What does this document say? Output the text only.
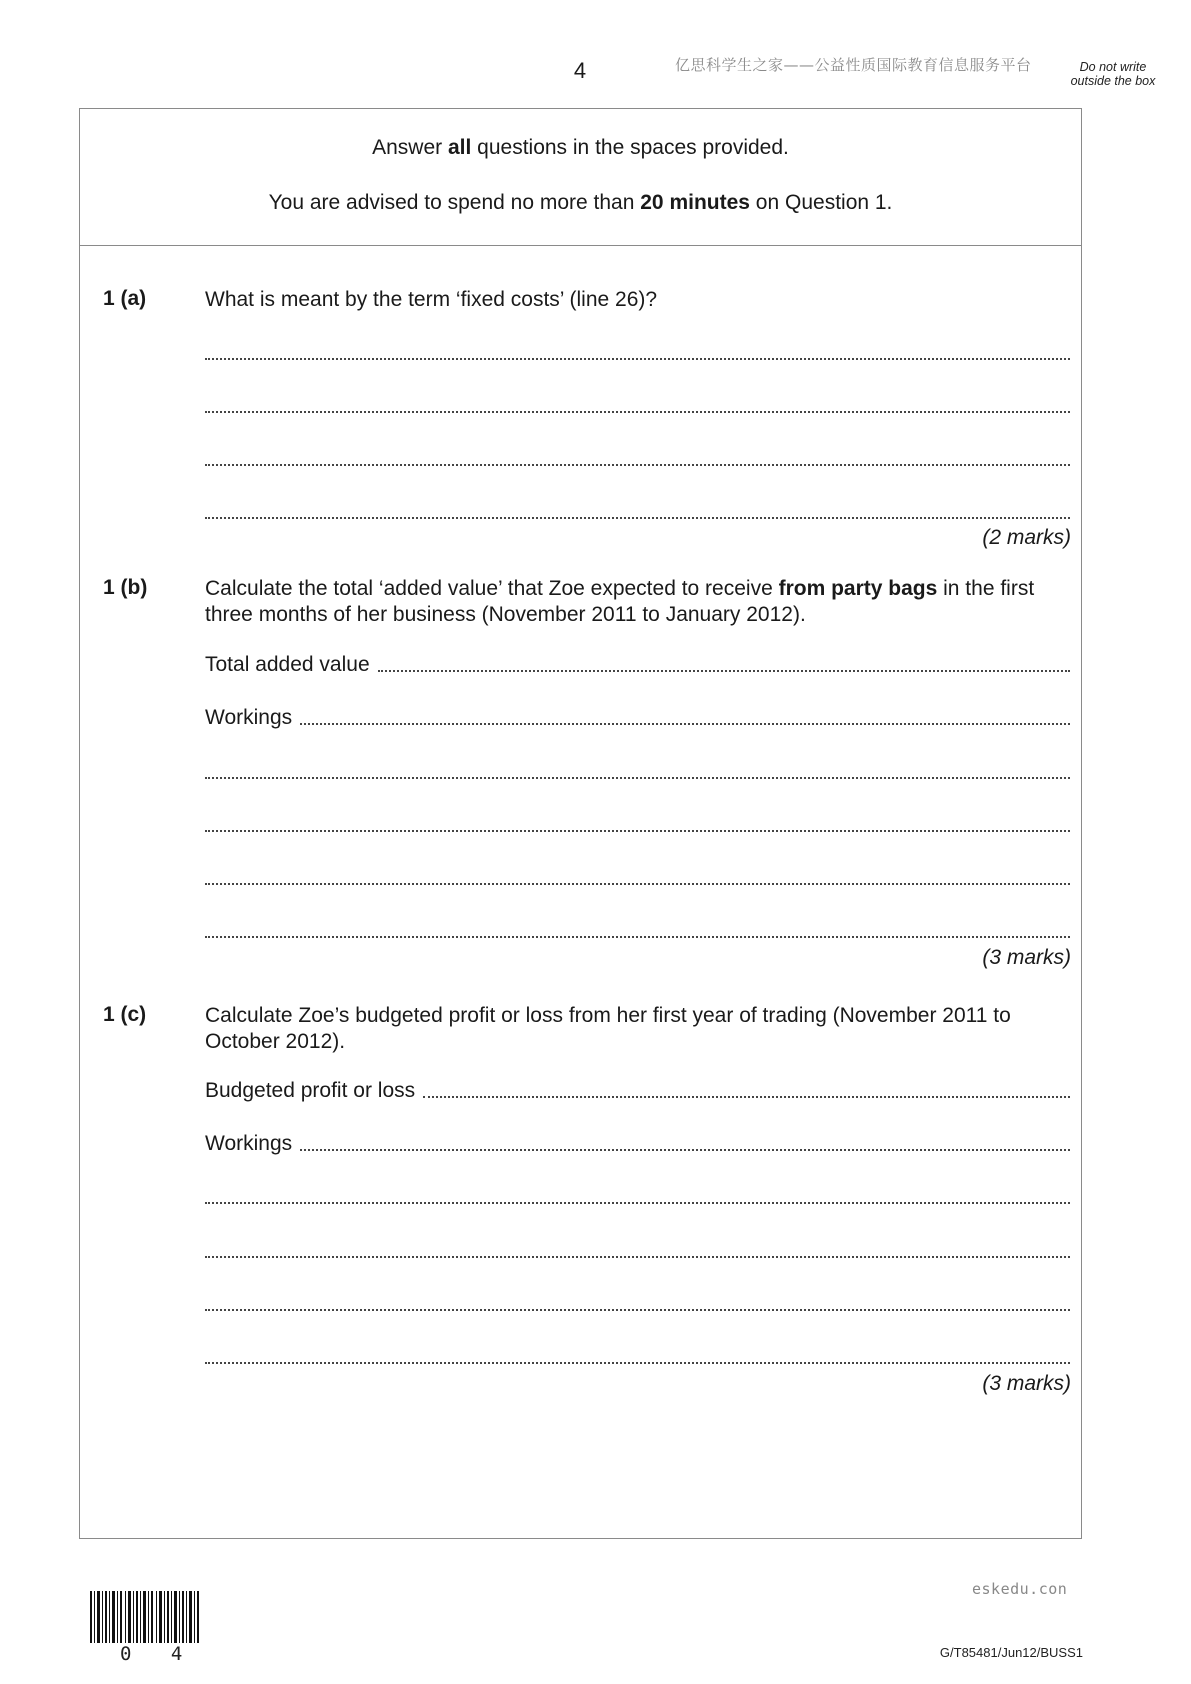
4	亿思科学生之家——公益性质国际教育信息服务平台	Do not write outside the box
Answer all questions in the spaces provided.
You are advised to spend no more than 20 minutes on Question 1.
1 (a)	What is meant by the term ‘fixed costs’ (line 26)?
(2 marks)
1 (b)	Calculate the total ‘added value’ that Zoe expected to receive from party bags in the first three months of her business (November 2011 to January 2012).
Total added value
Workings
(3 marks)
1 (c)	Calculate Zoe’s budgeted profit or loss from her first year of trading (November 2011 to October 2012).
Budgeted profit or loss
Workings
(3 marks)
eskedu.con
0 4	G/T85481/Jun12/BUSS1
